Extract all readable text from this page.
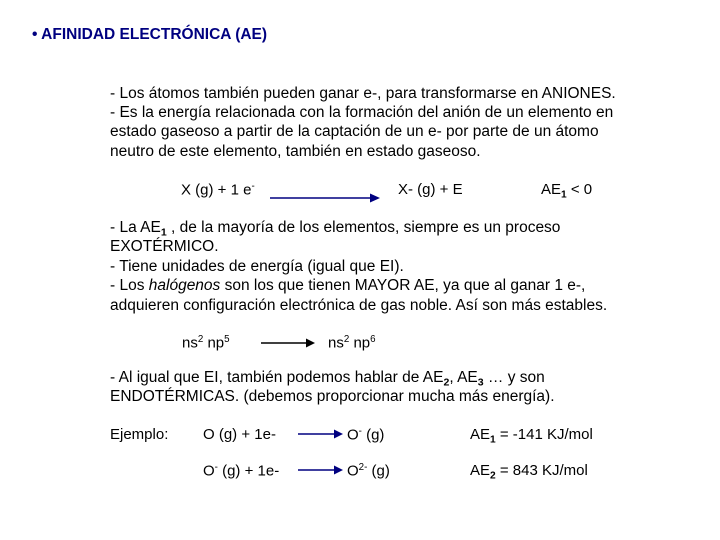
• AFINIDAD ELECTRÓNICA (AE)
- Los átomos también pueden ganar e-, para transformarse en ANIONES.
- Es la energía relacionada con la formación del anión de un elemento en
estado gaseoso a partir de la captación de un e- por parte de un átomo
neutro de este elemento, también en estado gaseoso.
X (g) + 1 e-	X- (g) + E	$AE_1 < 0$
- La $AE_1$ , de la mayoría de los elementos, siempre es un proceso
EXOTÉRMICO.
- Tiene unidades de energía (igual que EI).
- Los halógenos son los que tienen MAYOR AE, ya que al ganar 1 e-,
adquieren configuración electrónica de gas noble. Así son más estables.
$ns^2$ $np^5$	$ns^2$ $np^6$
- Al igual que EI, también podemos hablar de $AE_2$, $AE_3$ … y son
ENDOTÉRMICAS. (debemos proporcionar mucha más energía).
Ejemplo: O (g) + 1e-	O- (g)	$AE_1 = -141$ KJ/mol
O- (g) + 1e-	$O^{2-}$ (g)	$AE_2 = 843$ KJ/mol
